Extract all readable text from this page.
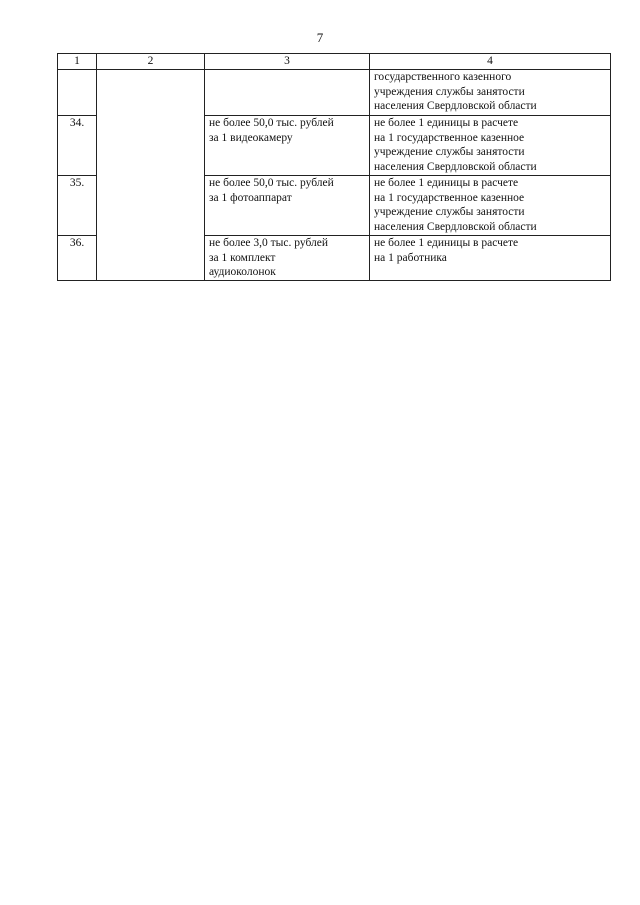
7
1	2	3	4

			государственного казенного
учреждения службы занятости
населения Свердловской области

34.		не более 50,0 тыс. рублей
за 1 видеокамеру	не более 1 единицы в расчете
на 1 государственное казенное
учреждение службы занятости
населения Свердловской области

35.		не более 50,0 тыс. рублей
за 1 фотоаппарат	не более 1 единицы в расчете
на 1 государственное казенное
учреждение службы занятости
населения Свердловской области

36.		не более 3,0 тыс. рублей
за 1 комплект
аудиоколонок	не более 1 единицы в расчете
на 1 работника
